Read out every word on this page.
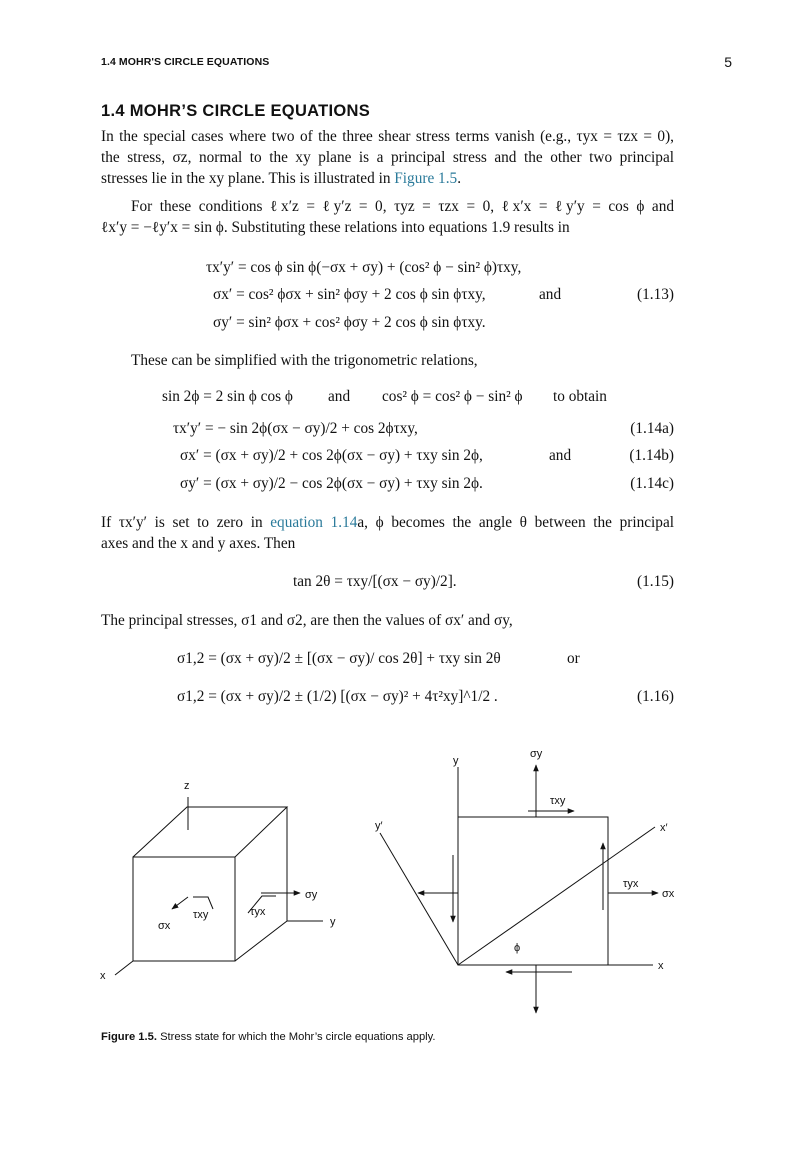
1.4 MOHR'S CIRCLE EQUATIONS	5
1.4 MOHR’S CIRCLE EQUATIONS
In the special cases where two of the three shear stress terms vanish (e.g., τyx = τzx = 0),
the stress, σz, normal to the xy plane is a principal stress and the other two principal
stresses lie in the xy plane. This is illustrated in Figure 1.5.
For these conditions ℓx′z = ℓy′z = 0, τyz = τzx = 0, ℓx′x = ℓy′y = cos ϕ and
ℓx′y = −ℓy′x = sin ϕ. Substituting these relations into equations 1.9 results in
τx′y′ = cos ϕ sin ϕ(−σx + σy) + (cos² ϕ − sin² ϕ)τxy,
σx′ = cos² ϕσx + sin² ϕσy + 2 cos ϕ sin ϕτxy,	and	(1.13)
σy′ = sin² ϕσx + cos² ϕσy + 2 cos ϕ sin ϕτxy.
These can be simplified with the trigonometric relations,
sin 2ϕ = 2 sin ϕ cos ϕ and cos² ϕ = cos² ϕ − sin² ϕ to obtain
τx′y′ = − sin 2ϕ(σx − σy)/2 + cos 2ϕτxy,	(1.14a)
σx′ = (σx + σy)/2 + cos 2ϕ(σx − σy) + τxy sin 2ϕ,	and	(1.14b)
σy′ = (σx + σy)/2 − cos 2ϕ(σx − σy) + τxy sin 2ϕ.	(1.14c)
If τx′y′ is set to zero in equation 1.14a, ϕ becomes the angle θ between the principal
axes and the x and y axes. Then
tan 2θ = τxy/[(σx − σy)/2].	(1.15)
The principal stresses, σ1 and σ2, are then the values of σx′ and σy,
σ1,2 = (σx + σy)/2 ± [(σx − σy)/ cos 2θ] + τxy sin 2θ	or
σ1,2 = (σx + σy)/2 ± (1/2) [(σx − σy)² + 4τ²xy]^1/2 .	(1.16)
z
x
y
σy
σx
τxy	τyx
y
x
y′	x′
σy
σx
τxy
τyx
ϕ
Figure 1.5. Stress state for which the Mohr’s circle equations apply.
